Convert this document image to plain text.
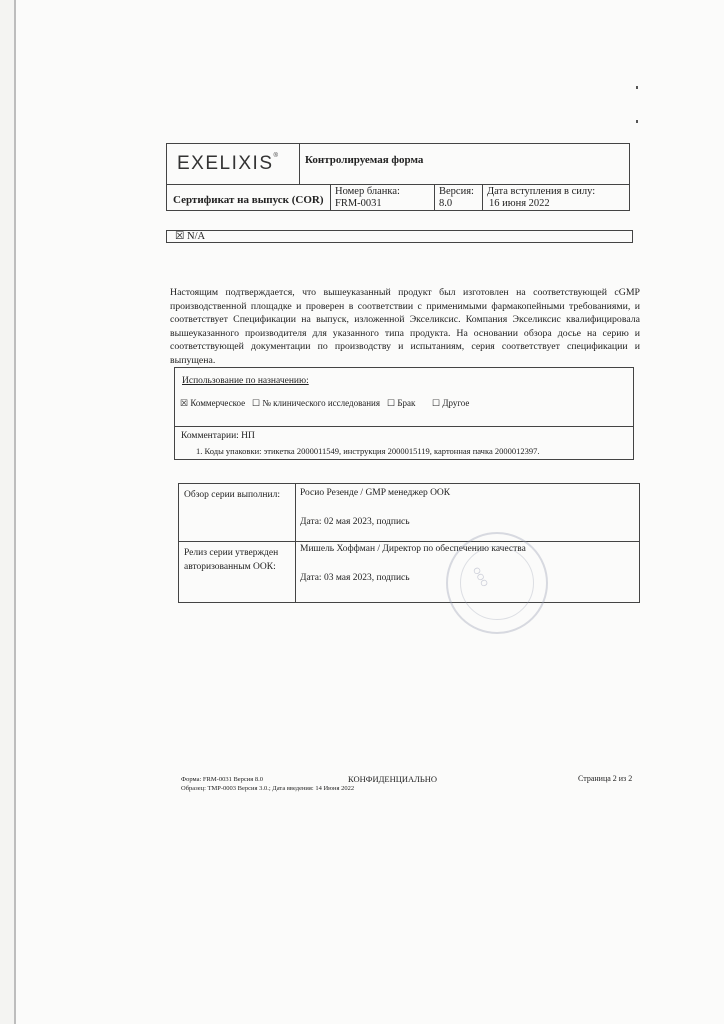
EXELIXIS® Контролируемая форма
Сертификат на выпуск (COR)
Номер бланка:
FRM-0031
Версия:
8.0
Дата вступления в силу:
16 июня 2022
☒ N/A
Настоящим подтверждается, что вышеуказанный продукт был изготовлен на соответствующей cGMP производственной площадке и проверен в соответствии с применимыми фармакопейными требованиями, и соответствует Спецификации на выпуск, изложенной Экселиксис. Компания Экселиксис квалифицировала вышеуказанного производителя для указанного типа продукта. На основании обзора досье на серию и соответствующей документации по производству и испытаниям, серия соответствует спецификации и выпущена.
Использование по назначению:
☒ Коммерческое ☐ № клинического исследования ☐ Брак ☐ Другое
Комментарии: НП
1. Коды упаковки: этикетка 2000011549, инструкция 2000015119, картонная пачка 2000012397.
Обзор серии выполнил: Росио Резенде / GMP менеджер ООК
Дата: 02 мая 2023, подпись
Релиз серии утвержден авторизованным ООК:
Мишель Хоффман / Директор по обеспечению качества
Дата: 03 мая 2023, подпись	ООО
Форма: FRM-0031 Версия 8.0
Образец: TMP-0003 Версия 3.0.; Дата введения: 14 Июня 2022
КОНФИДЕНЦИАЛЬНО	Страница 2 из 2
